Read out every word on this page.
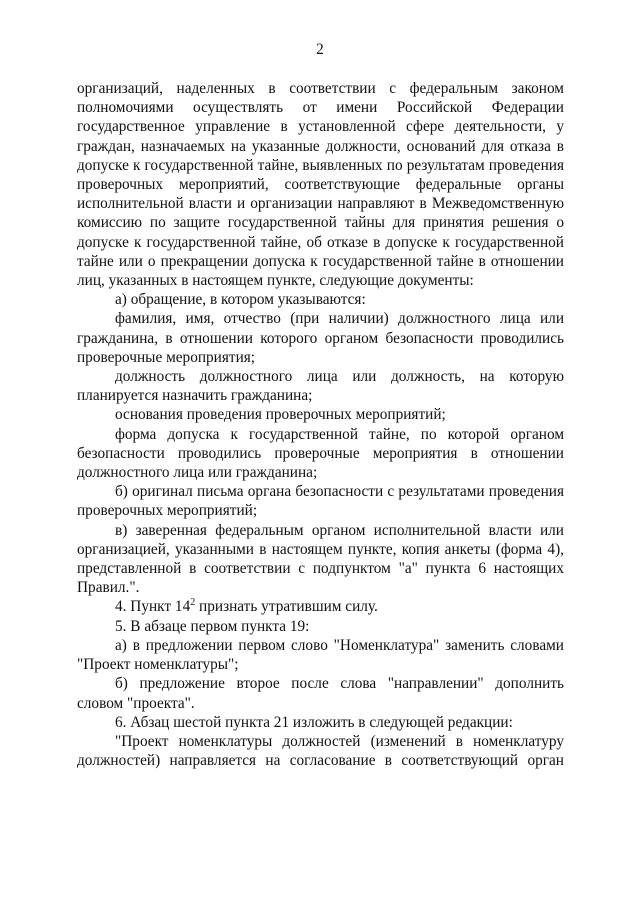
2

организаций, наделенных в соответствии с федеральным законом полномочиями осуществлять от имени Российской Федерации государственное управление в установленной сфере деятельности, у граждан, назначаемых на указанные должности, оснований для отказа в допуске к государственной тайне, выявленных по результатам проведения проверочных мероприятий, соответствующие федеральные органы исполнительной власти и организации направляют в Межведомственную комиссию по защите государственной тайны для принятия решения о допуске к государственной тайне, об отказе в допуске к государственной тайне или о прекращении допуска к государственной тайне в отношении лиц, указанных в настоящем пункте, следующие документы:

а) обращение, в котором указываются:

фамилия, имя, отчество (при наличии) должностного лица или гражданина, в отношении которого органом безопасности проводились проверочные мероприятия;

должность должностного лица или должность, на которую планируется назначить гражданина;

основания проведения проверочных мероприятий;

форма допуска к государственной тайне, по которой органом безопасности проводились проверочные мероприятия в отношении должностного лица или гражданина;

б) оригинал письма органа безопасности с результатами проведения проверочных мероприятий;

в) заверенная федеральным органом исполнительной власти или организацией, указанными в настоящем пункте, копия анкеты (форма 4), представленной в соответствии с подпунктом "а" пункта 6 настоящих Правил.".

4. Пункт $14^2$ признать утратившим силу.

5. В абзаце первом пункта 19:

а) в предложении первом слово "Номенклатура" заменить словами "Проект номенклатуры";

б) предложение второе после слова "направлении" дополнить словом "проекта".

6. Абзац шестой пункта 21 изложить в следующей редакции:

"Проект номенклатуры должностей (изменений в номенклатуру должностей) направляется на согласование в соответствующий орган
